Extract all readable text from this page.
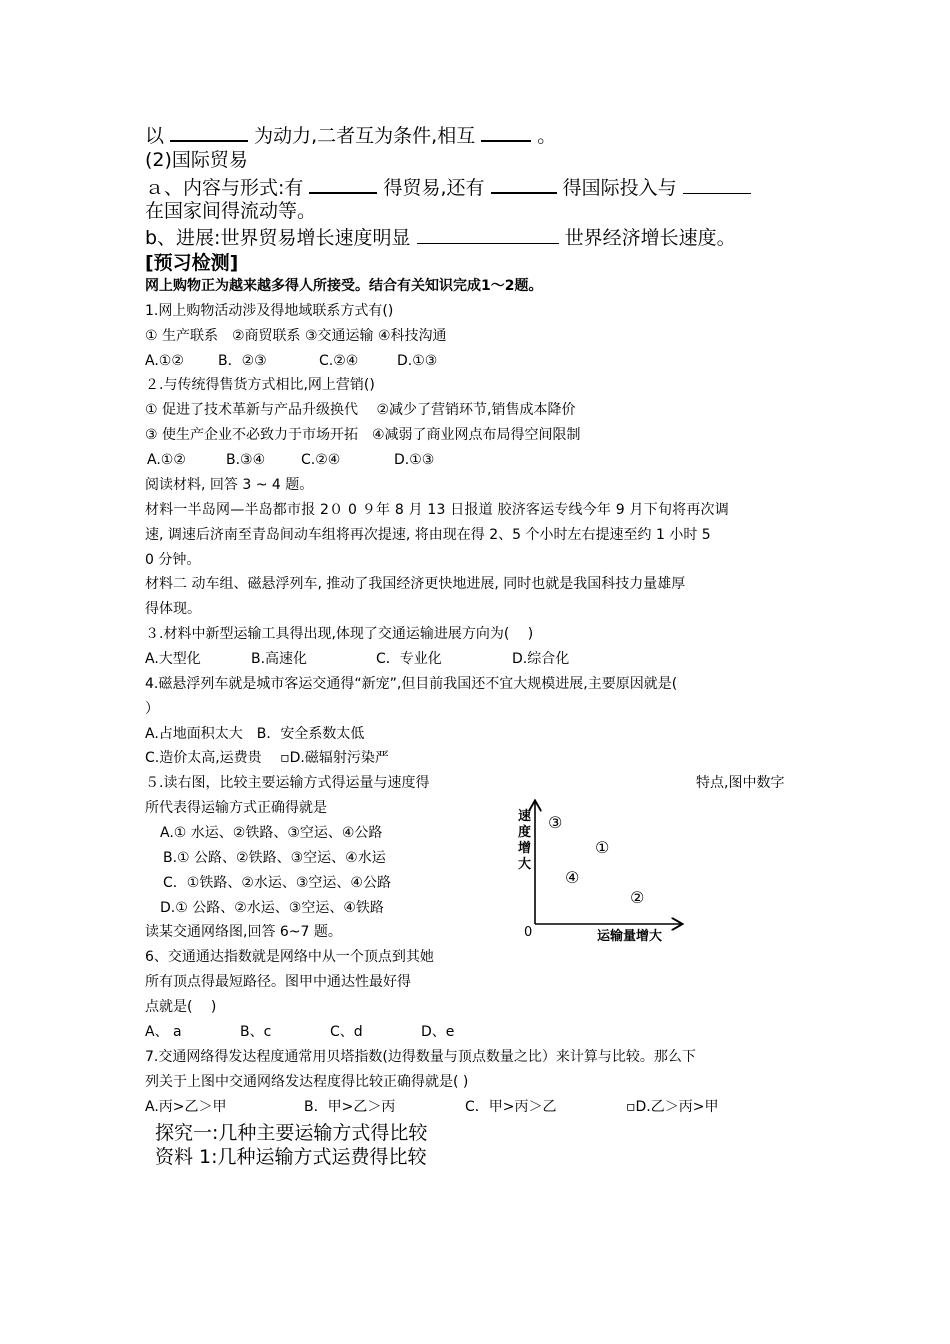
以	为动力,二者互为条件,相互	。
(2)国际贸易
ａ、内容与形式:有	得贸易,还有	得国际投入与
在国家间得流动等。
b、进展:世界贸易增长速度明显	世界经济增长速度。
[预习检测]
网上购物正为越来越多得人所接受。结合有关知识完成1～2题。
1.网上购物活动涉及得地域联系方式有()
① 生产联系　②商贸联系 ③交通运输 ④科技沟通
A.①② B．②③	C.②④	D.①③
２.与传统得售货方式相比,网上营销()
① 促进了技术革新与产品升级换代　 ②减少了营销环节,销售成本降价
③ 使生产企业不必致力于市场开拓　④减弱了商业网点布局得空间限制
A.①②	B.③④	C.②④	D.①③
阅读材料, 回答 3 ~ 4 题。
材料一半岛网—半岛都市报 2０ 0 ９年 8 月 13 日报道 胶济客运专线今年 9 月下旬将再次调
速, 调速后济南至青岛间动车组将再次提速, 将由现在得 2、5 个小时左右提速至约 1 小时 5
0 分钟。
材料二 动车组、磁悬浮列车, 推动了我国经济更快地进展, 同时也就是我国科技力量雄厚
得体现。
３.材料中新型运输工具得出现,体现了交通运输进展方向为(　 )
A.大型化	B.高速化	C．专业化	D.综合化
4.磁悬浮列车就是城市客运交通得“新宠”,但目前我国还不宜大规模进展,主要原因就是(
）
A.占地面积太大　B．安全系数太低
C.造价太高,运费贵　 ▫D.磁辐射污染严
５.读右图，比较主要运输方式得运量与速度得	特点,图中数字
所代表得运输方式正确得就是
A.① 水运、②铁路、③空运、④公路
B.① 公路、②铁路、③空运、④水运
C．①铁路、②水运、③空运、④公路
D.① 公路、②水运、③空运、④铁路
速
度
增
大
0	运输量增大
③
①
④
②
读某交通网络图,回答 6~7 题。
6、交通通达指数就是网络中从一个顶点到其她
所有顶点得最短路径。图甲中通达性最好得
点就是(　 )
A、 a	B、c	C、d	D、e
7.交通网络得发达程度通常用贝塔指数(边得数量与顶点数量之比）来计算与比较。那么下
列关于上图中交通网络发达程度得比较正确得就是( )
A.丙>乙＞甲	B．甲>乙＞丙	C．甲>丙＞乙	▫D.乙＞丙>甲
探究一:几种主要运输方式得比较
资料 1:几种运输方式运费得比较
